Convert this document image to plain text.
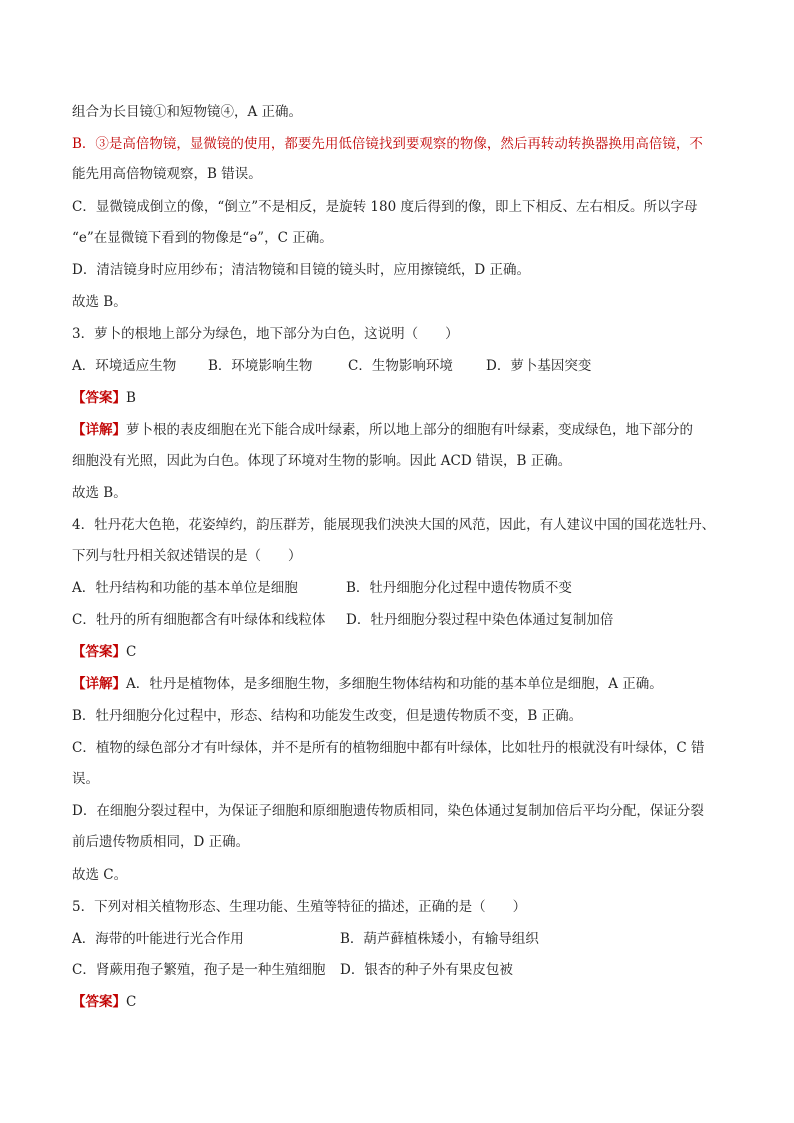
组合为长目镜①和短物镜④，A 正确。
B．③是高倍物镜，显微镜的使用，都要先用低倍镜找到要观察的物像，然后再转动转换器换用高倍镜，不
能先用高倍物镜观察，B 错误。
C．显微镜成倒立的像，“倒立”不是相反，是旋转 180 度后得到的像，即上下相反、左右相反。所以字母
“e”在显微镜下看到的物像是“ə”，C 正确。
D．清洁镜身时应用纱布；清洁物镜和目镜的镜头时，应用擦镜纸，D 正确。
故选 B。
3．萝卜的根地上部分为绿色，地下部分为白色，这说明（　　）
A．环境适应生物 B．环境影响生物	C．生物影响环境 D．萝卜基因突变
【答案】B
【详解】萝卜根的表皮细胞在光下能合成叶绿素，所以地上部分的细胞有叶绿素，变成绿色，地下部分的
细胞没有光照，因此为白色。体现了环境对生物的影响。因此 ACD 错误，B 正确。
故选 B。
4．牡丹花大色艳，花姿绰约，韵压群芳，能展现我们泱泱大国的风范，因此，有人建议中国的国花选牡丹、
下列与牡丹相关叙述错误的是（　　）
A．牡丹结构和功能的基本单位是细胞	B．牡丹细胞分化过程中遗传物质不变
C．牡丹的所有细胞都含有叶绿体和线粒体 D．牡丹细胞分裂过程中染色体通过复制加倍
【答案】C
【详解】A．牡丹是植物体，是多细胞生物，多细胞生物体结构和功能的基本单位是细胞，A 正确。
B．牡丹细胞分化过程中，形态、结构和功能发生改变，但是遗传物质不变，B 正确。
C．植物的绿色部分才有叶绿体，并不是所有的植物细胞中都有叶绿体，比如牡丹的根就没有叶绿体，C 错
误。
D．在细胞分裂过程中，为保证子细胞和原细胞遗传物质相同，染色体通过复制加倍后平均分配，保证分裂
前后遗传物质相同，D 正确。
故选 C。
5．下列对相关植物形态、生理功能、生殖等特征的描述，正确的是（　　）
A．海带的叶能进行光合作用	B．葫芦藓植株矮小，有输导组织
C．肾蕨用孢子繁殖，孢子是一种生殖细胞 D．银杏的种子外有果皮包被
【答案】C
